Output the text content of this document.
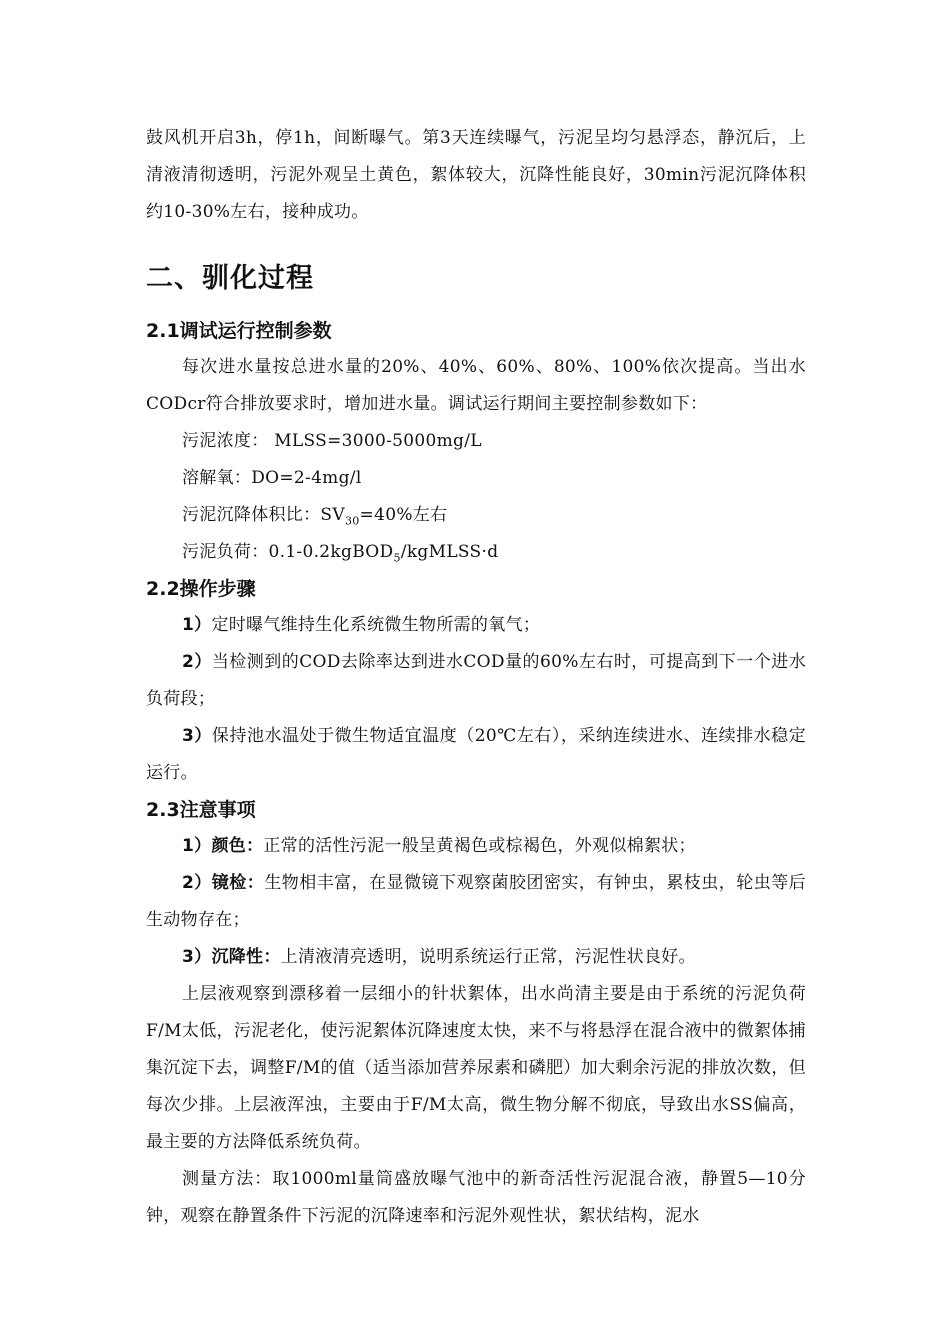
鼓风机开启3h，停1h，间断曝气。第3天连续曝气，污泥呈均匀悬浮态，静沉后，上清液清彻透明，污泥外观呈土黄色，絮体较大，沉降性能良好，30min污泥沉降体积约10-30%左右，接种成功。

二、驯化过程
2.1调试运行控制参数

每次进水量按总进水量的20%、40%、60%、80%、100%依次提高。当出水CODcr符合排放要求时，增加进水量。调试运行期间主要控制参数如下：

污泥浓度： MLSS=3000-5000mg/L

溶解氧：DO=2-4mg/l

污泥沉降体积比：$SV_{30}=40\%$左右

污泥负荷：0.1-0.2kgBOD$_5$/kgMLSS·d

2.2操作步骤

1）定时曝气维持生化系统微生物所需的氧气；

2）当检测到的COD去除率达到进水COD量的60%左右时，可提高到下一个进水负荷段；

3）保持池水温处于微生物适宜温度（20℃左右），采纳连续进水、连续排水稳定运行。

2.3注意事项

1）颜色：正常的活性污泥一般呈黄褐色或棕褐色，外观似棉絮状；

2）镜检：生物相丰富，在显微镜下观察菌胶团密实，有钟虫，累枝虫，轮虫等后生动物存在；

3）沉降性：上清液清亮透明，说明系统运行正常，污泥性状良好。

上层液观察到漂移着一层细小的针状絮体，出水尚清主要是由于系统的污泥负荷F/M太低，污泥老化，使污泥絮体沉降速度太快，来不与将悬浮在混合液中的微絮体捕集沉淀下去，调整F/M的值（适当添加营养尿素和磷肥）加大剩余污泥的排放次数，但每次少排。上层液浑浊，主要由于F/M太高，微生物分解不彻底，导致出水SS偏高，最主要的方法降低系统负荷。

测量方法：取1000ml量筒盛放曝气池中的新奇活性污泥混合液，静置5—10分钟，观察在静置条件下污泥的沉降速率和污泥外观性状，絮状结构，泥水
